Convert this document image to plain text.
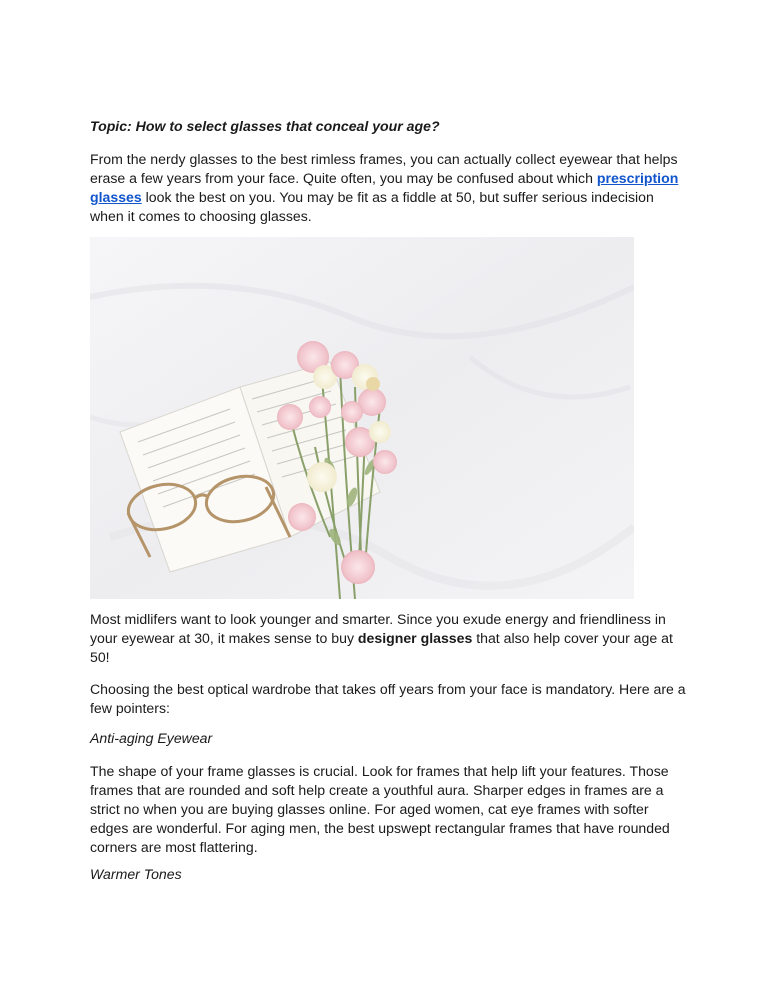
Topic: How to select glasses that conceal your age?
From the nerdy glasses to the best rimless frames, you can actually collect eyewear that helps
erase a few years from your face. Quite often, you may be confused about which prescription
glasses look the best on you. You may be fit as a fiddle at 50, but suffer serious indecision
when it comes to choosing glasses.
Most midlifers want to look younger and smarter. Since you exude energy and friendliness in
your eyewear at 30, it makes sense to buy designer glasses that also help cover your age at
50!
Choosing the best optical wardrobe that takes off years from your face is mandatory. Here are a
few pointers:
Anti-aging Eyewear
The shape of your frame glasses is crucial. Look for frames that help lift your features. Those
frames that are rounded and soft help create a youthful aura. Sharper edges in frames are a
strict no when you are buying glasses online. For aged women, cat eye frames with softer
edges are wonderful. For aging men, the best upswept rectangular frames that have rounded
corners are most flattering.
Warmer Tones
